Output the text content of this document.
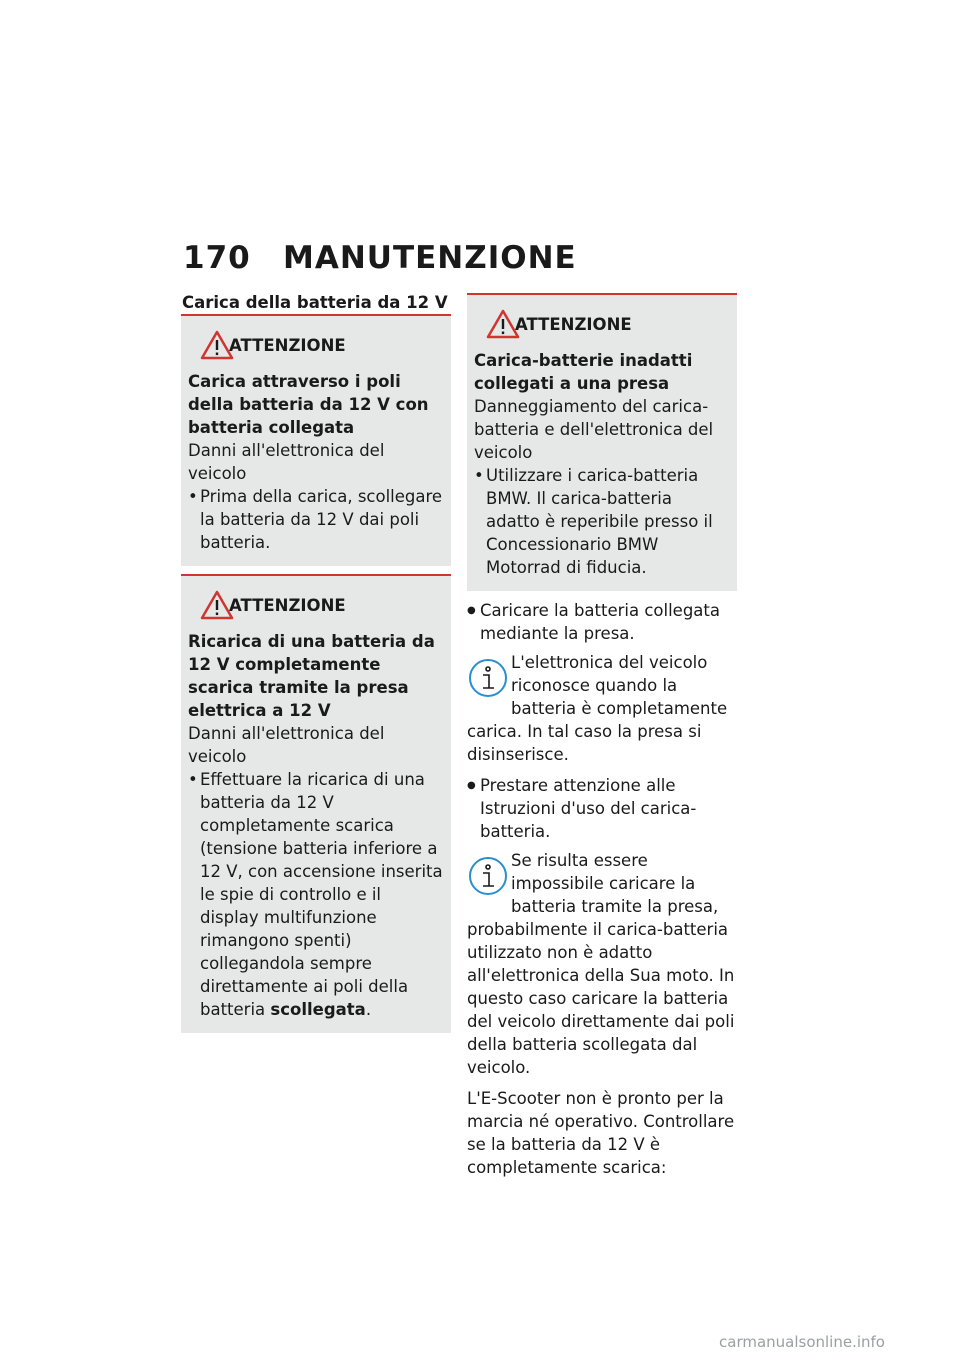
170 MANUTENZIONE
Carica della batteria da 12 V
ATTENZIONE
Carica attraverso i poli della batteria da 12 V con batteria collegata
Danni all'elettronica del veicolo
• Prima della carica, scollegare la batteria da 12 V dai poli batteria.
ATTENZIONE
Ricarica di una batteria da 12 V completamente scarica tramite la presa elettrica a 12 V
Danni all'elettronica del veicolo
• Effettuare la ricarica di una batteria da 12 V completamente scarica (tensione batteria inferiore a 12 V, con accensione inserita le spie di controllo e il display multifunzione rimangono spenti) collegandola sempre direttamente ai poli della batteria scollegata.
ATTENZIONE
Carica-batterie inadatti collegati a una presa
Danneggiamento del carica-batteria e dell'elettronica del veicolo
• Utilizzare i carica-batteria BMW. Il carica-batteria adatto è reperibile presso il Concessionario BMW Motorrad di fiducia.
● Caricare la batteria collegata mediante la presa.
L'elettronica del veicolo riconosce quando la batteria è completamente carica. In tal caso la presa si disinserisce.
● Prestare attenzione alle Istruzioni d'uso del carica-batteria.
Se risulta essere impossibile caricare la batteria tramite la presa, probabilmente il carica-batteria utilizzato non è adatto all'elettronica della Sua moto. In questo caso caricare la batteria del veicolo direttamente dai poli della batteria scollegata dal veicolo.
L'E-Scooter non è pronto per la marcia né operativo. Controllare se la batteria da 12 V è completamente scarica:
carmanualsonline.info
